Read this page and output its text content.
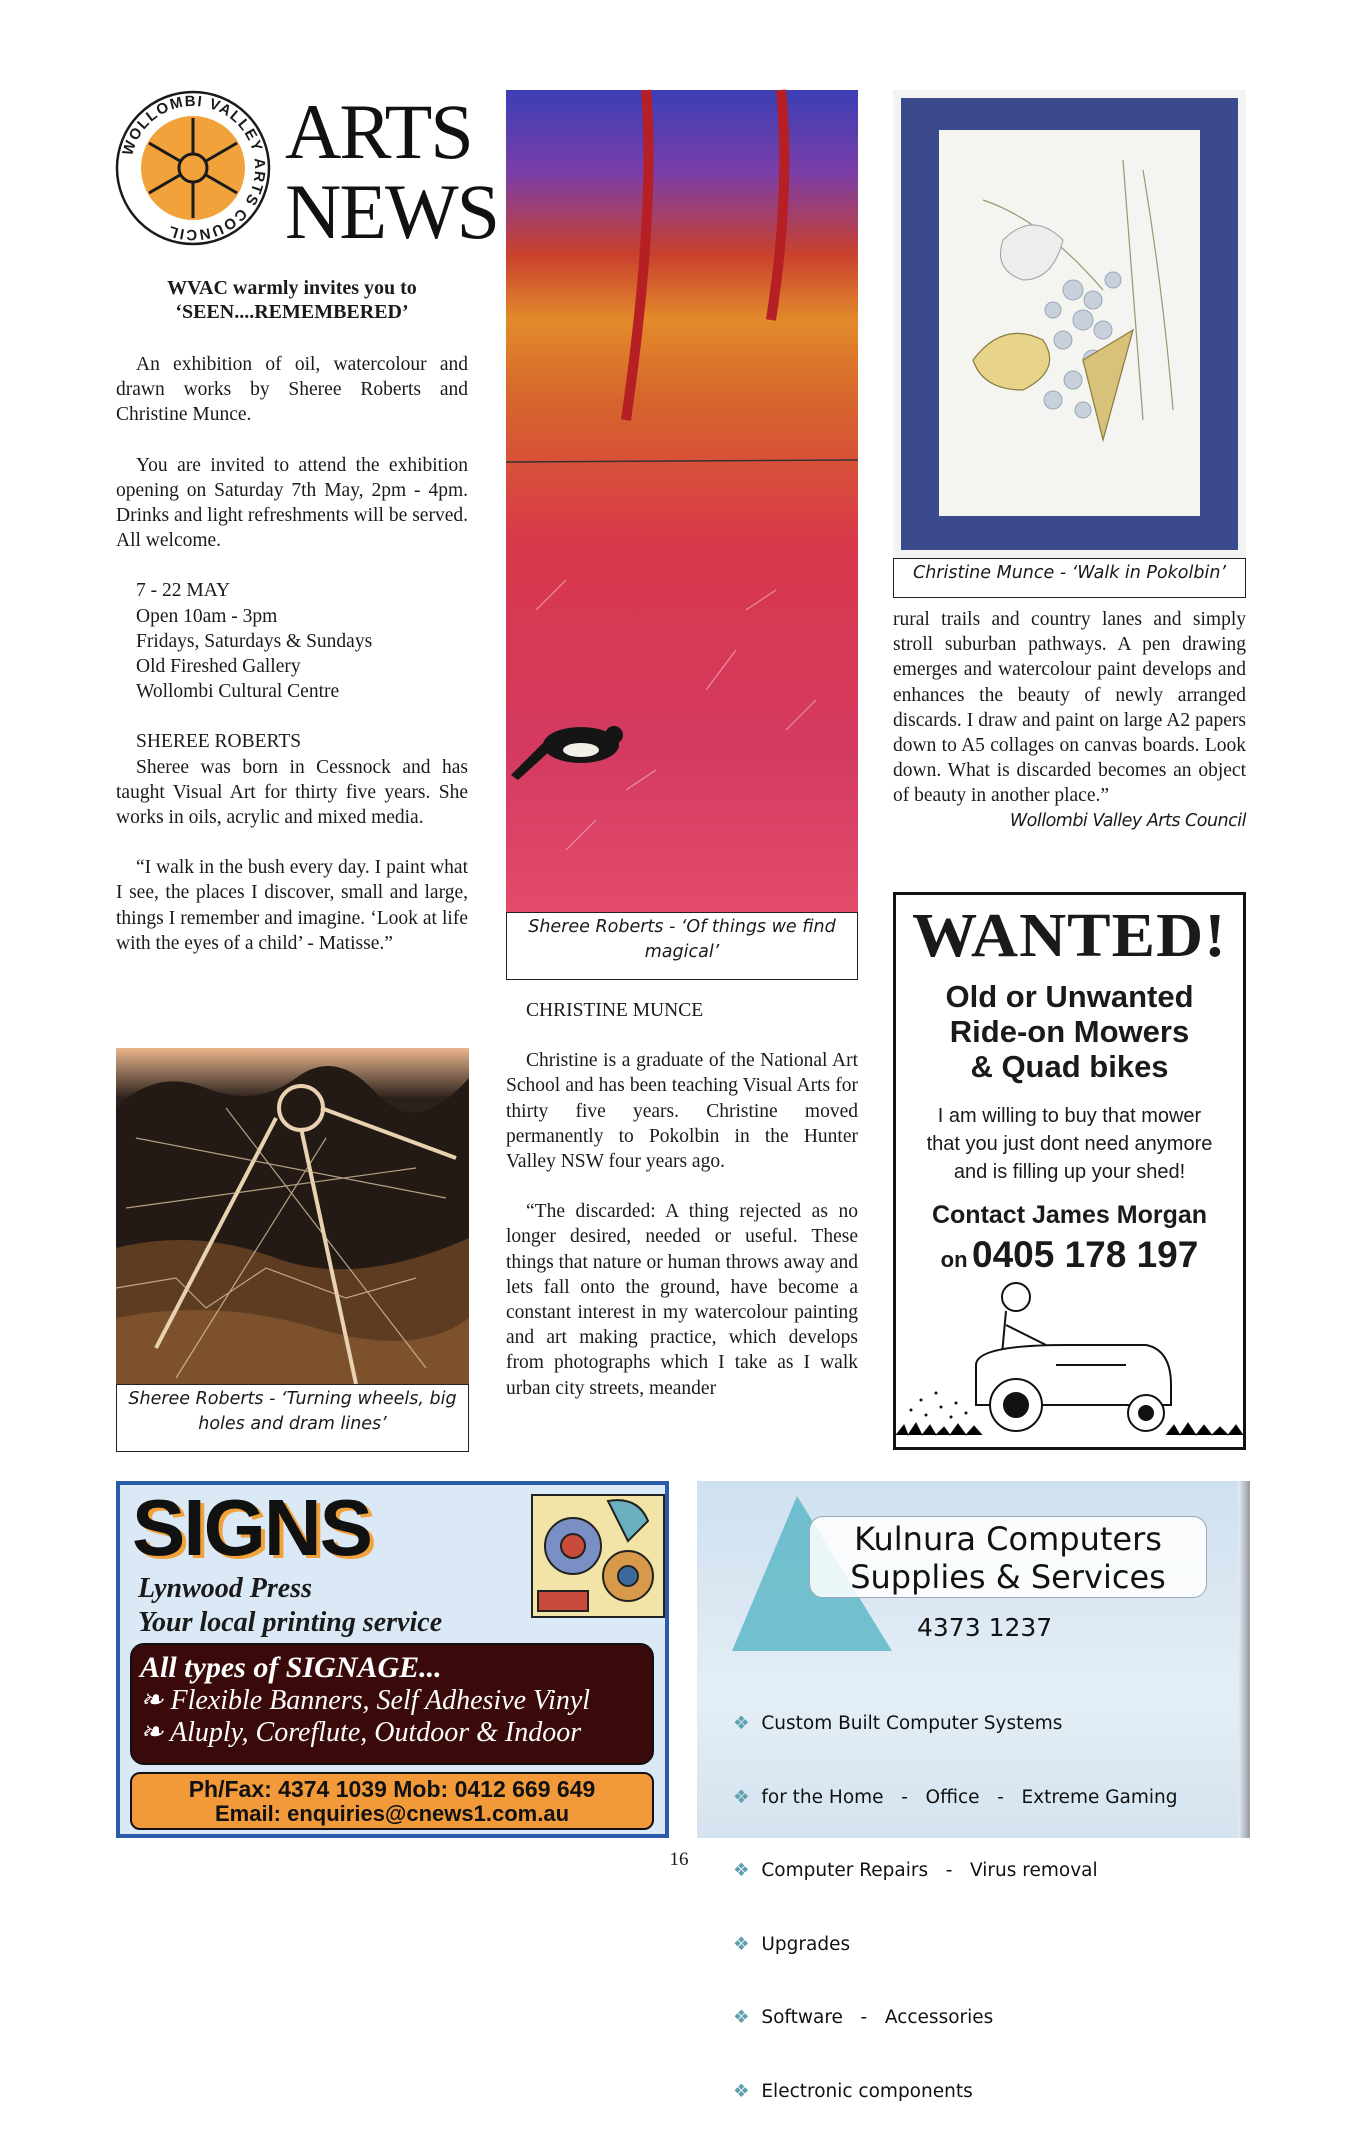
WOLLOMBI VALLEY ARTS COUNCIL
ARTS
NEWS
WVAC warmly invites you to
‘SEEN....REMEMBERED’

An exhibition of oil, watercolour and drawn works by Sheree Roberts and Christine Munce.

You are invited to attend the exhibition opening on Saturday 7th May, 2pm - 4pm. Drinks and light refreshments will be served. All welcome.

7 - 22 MAY
Open 10am - 3pm
Fridays, Saturdays & Sundays
Old Fireshed Gallery
Wollombi Cultural Centre
SHEREE ROBERTS

Sheree was born in Cessnock and has taught Visual Art for thirty five years. She works in oils, acrylic and mixed media.

“I walk in the bush every day. I paint what I see, the places I discover, small and large, things I remember and imagine. ‘Look at life with the eyes of a child’ - Matisse.”

Sheree Roberts - ‘Turning wheels, big holes and dram lines’
Sheree Roberts - ‘Of things we find magical’
CHRISTINE MUNCE

Christine is a graduate of the National Art School and has been teaching Visual Arts for thirty five years. Christine moved permanently to Pokolbin in the Hunter Valley NSW four years ago.

“The discarded: A thing rejected as no longer desired, needed or useful. These things that nature or human throws away and lets fall onto the ground, have become a constant interest in my watercolour painting and art making practice, which develops from photographs which I take as I walk urban city streets, meander

Christine Munce - ‘Walk in Pokolbin’
rural trails and country lanes and simply stroll suburban pathways. A pen drawing emerges and watercolour paint develops and enhances the beauty of newly arranged discards. I draw and paint on large A2 papers down to A5 collages on canvas boards. Look down. What is discarded becomes an object of beauty in another place.”
Wollombi Valley Arts Council
WANTED!
Old or Unwanted
Ride-on Mowers
& Quad bikes
I am willing to buy that mower
that you just dont need anymore
and is filling up your shed!
Contact James Morgan
on 0405 178 197
SIGNS
Lynwood Press
Your local printing service
All types of SIGNAGE...
❧ Flexible Banners, Self Adhesive Vinyl
❧ Aluply, Coreflute, Outdoor & Indoor
Ph/Fax: 4374 1039 Mob: 0412 669 649
Email: enquiries@cnews1.com.au
Kulnura Computers
Supplies & Services
4373 1237

❖ Custom Built Computer Systems

❖ for the Home   -   Office   -   Extreme Gaming

❖ Computer Repairs   -   Virus removal

❖ Upgrades

❖ Software   -   Accessories

❖ Electronic components

16
